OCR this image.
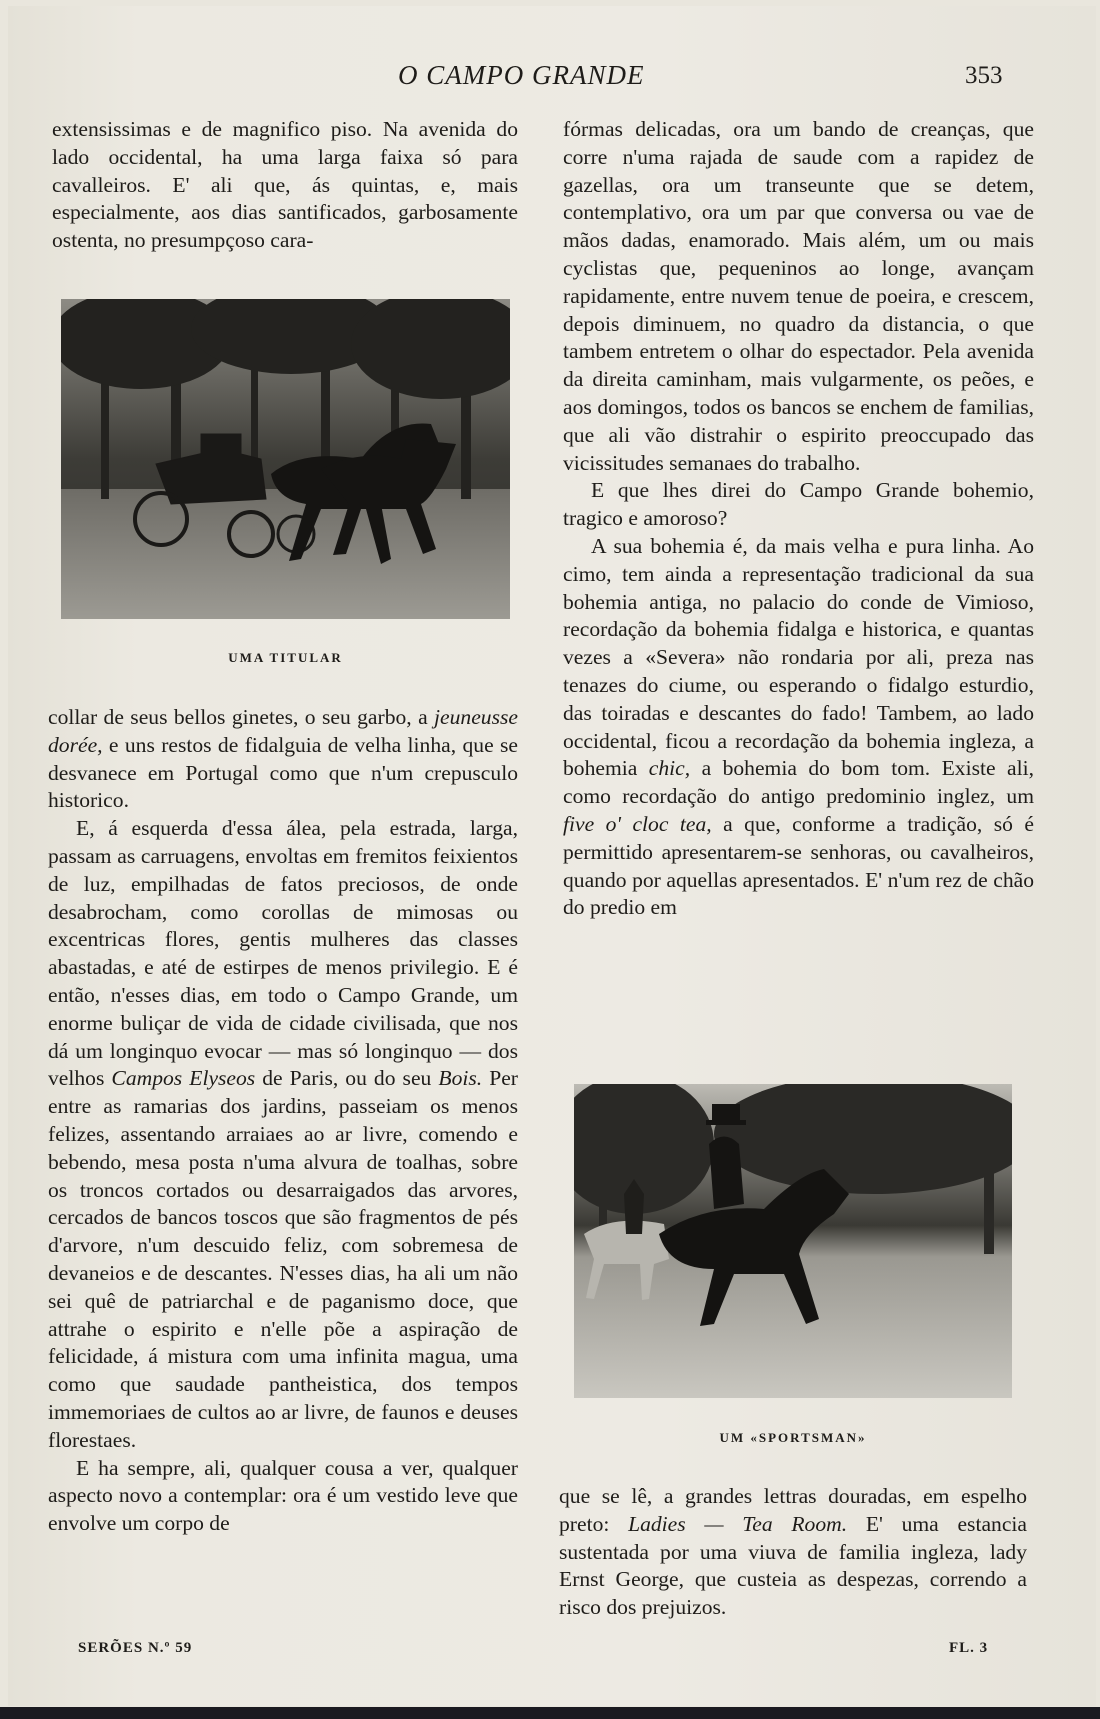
O CAMPO GRANDE	353

extensissimas e de magnifico piso. Na avenida do lado occidental, ha uma larga faixa só para cavalleiros. E' ali que, ás quintas, e, mais especialmente, aos dias santificados, garbosamente ostenta, no presumpçoso cara-

UMA TITULAR

collar de seus bellos ginetes, o seu garbo, a jeuneusse dorée, e uns restos de fidalguia de velha linha, que se desvanece em Portugal como que n'um crepusculo historico.

E, á esquerda d'essa álea, pela estrada, larga, passam as carruagens, envoltas em fremitos feixientos de luz, empilhadas de fatos preciosos, de onde desabrocham, como corollas de mimosas ou excentricas flores, gentis mulheres das classes abastadas, e até de estirpes de menos privilegio. E é então, n'esses dias, em todo o Campo Grande, um enorme buliçar de vida de cidade civilisada, que nos dá um longinquo evocar — mas só longinquo — dos velhos Campos Elyseos de Paris, ou do seu Bois. Per entre as ramarias dos jardins, passeiam os menos felizes, assentando arraiaes ao ar livre, comendo e bebendo, mesa posta n'uma alvura de toalhas, sobre os troncos cortados ou desarraigados das arvores, cercados de bancos toscos que são fragmentos de pés d'arvore, n'um descuido feliz, com sobremesa de devaneios e de descantes. N'esses dias, ha ali um não sei quê de patriarchal e de paganismo doce, que attrahe o espirito e n'elle põe a aspiração de felicidade, á mistura com uma infinita magua, uma como que saudade pantheistica, dos tempos immemoriaes de cultos ao ar livre, de faunos e deuses florestaes.

E ha sempre, ali, qualquer cousa a ver, qualquer aspecto novo a contemplar: ora é um vestido leve que envolve um corpo de

fórmas delicadas, ora um bando de creanças, que corre n'uma rajada de saude com a rapidez de gazellas, ora um transeunte que se detem, contemplativo, ora um par que conversa ou vae de mãos dadas, enamorado. Mais além, um ou mais cyclistas que, pequeninos ao longe, avançam rapidamente, entre nuvem tenue de poeira, e crescem, depois diminuem, no quadro da distancia, o que tambem entretem o olhar do espectador. Pela avenida da direita caminham, mais vulgarmente, os peões, e aos domingos, todos os bancos se enchem de familias, que ali vão distrahir o espirito preoccupado das vicissitudes semanaes do trabalho.

E que lhes direi do Campo Grande bohemio, tragico e amoroso?

A sua bohemia é, da mais velha e pura linha. Ao cimo, tem ainda a representação tradicional da sua bohemia antiga, no palacio do conde de Vimioso, recordação da bohemia fidalga e historica, e quantas vezes a «Severa» não rondaria por ali, preza nas tenazes do ciume, ou esperando o fidalgo esturdio, das toiradas e descantes do fado! Tambem, ao lado occidental, ficou a recordação da bohemia ingleza, a bohemia chic, a bohemia do bom tom. Existe ali, como recordação do antigo predominio inglez, um five o' cloc tea, a que, conforme a tradição, só é permittido apresentarem-se senhoras, ou cavalheiros, quando por aquellas apresentados. E' n'um rez de chão do predio em

UM «SPORTSMAN»

que se lê, a grandes lettras douradas, em espelho preto: Ladies — Tea Room. E' uma estancia sustentada por uma viuva de familia ingleza, lady Ernst George, que custeia as despezas, correndo a risco dos prejuizos.

SERÕES N.º 59	FL. 3
